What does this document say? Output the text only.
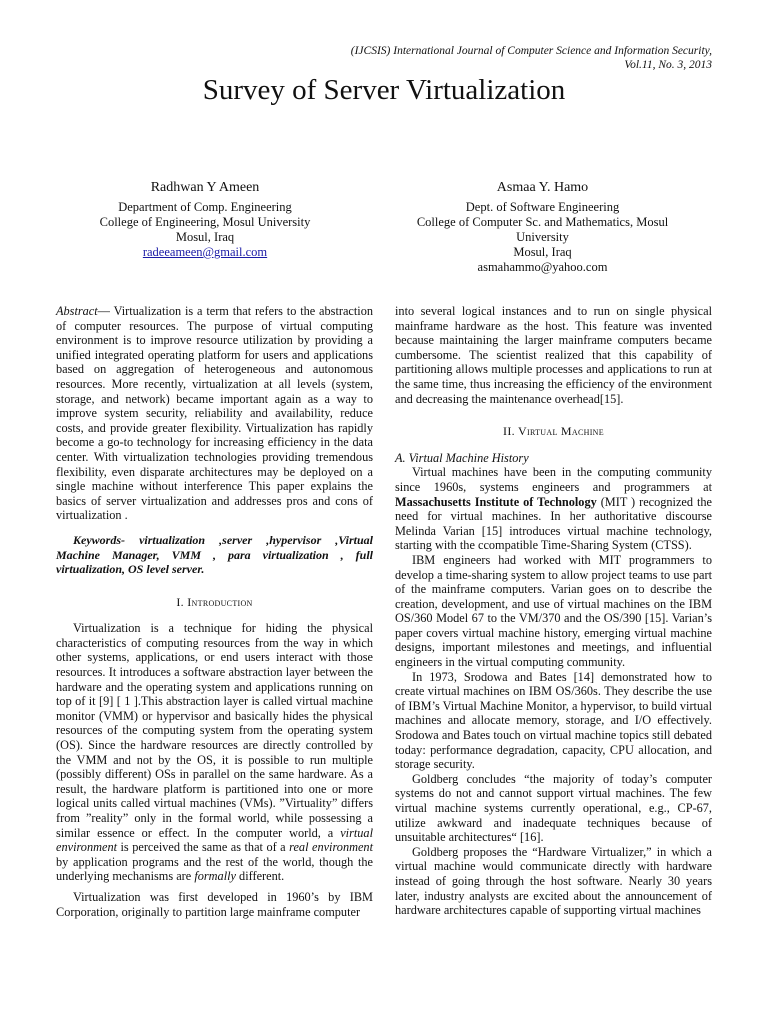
(IJCSIS) International Journal of Computer Science and Information Security,
Vol.11, No. 3, 2013
Survey of Server Virtualization
Radhwan Y Ameen
Department of Comp. Engineering
College of Engineering, Mosul University
Mosul, Iraq
radeeameen@gmail.com
Asmaa Y. Hamo
Dept. of Software Engineering
College of Computer Sc. and Mathematics, Mosul University
Mosul, Iraq
asmahammo@yahoo.com

Abstract— Virtualization is a term that refers to the abstraction of computer resources. The purpose of virtual computing environment is to improve resource utilization by providing a unified integrated operating platform for users and applications based on aggregation of heterogeneous and autonomous resources. More recently, virtualization at all levels (system, storage, and network) became important again as a way to improve system security, reliability and availability, reduce costs, and provide greater flexibility. Virtualization has rapidly become a go-to technology for increasing efficiency in the data center. With virtualization technologies providing tremendous flexibility, even disparate architectures may be deployed on a single machine without interference This paper explains the basics of server virtualization and addresses pros and cons of virtualization .

Keywords- virtualization ,server ,hypervisor ,Virtual Machine Manager, VMM , para virtualization , full virtualization, OS level server.

I. Introduction

Virtualization is a technique for hiding the physical characteristics of computing resources from the way in which other systems, applications, or end users interact with those resources. It introduces a software abstraction layer between the hardware and the operating system and applications running on top of it [9] [ 1 ].This abstraction layer is called virtual machine monitor (VMM) or hypervisor and basically hides the physical resources of the computing system from the operating system (OS). Since the hardware resources are directly controlled by the VMM and not by the OS, it is possible to run multiple (possibly different) OSs in parallel on the same hardware. As a result, the hardware platform is partitioned into one or more logical units called virtual machines (VMs). ”Virtuality” differs from ”reality” only in the formal world, while possessing a similar essence or effect. In the computer world, a virtual environment is perceived the same as that of a real environment by application programs and the rest of the world, though the underlying mechanisms are formally different.

Virtualization was first developed in 1960’s by IBM Corporation, originally to partition large mainframe computer

into several logical instances and to run on single physical mainframe hardware as the host. This feature was invented because maintaining the larger mainframe computers became cumbersome. The scientist realized that this capability of partitioning allows multiple processes and applications to run at the same time, thus increasing the efficiency of the environment and decreasing the maintenance overhead[15].

II. Virtual Machine

A. Virtual Machine History

Virtual machines have been in the computing community since 1960s, systems engineers and programmers at Massachusetts Institute of Technology (MIT ) recognized the need for virtual machines. In her authoritative discourse Melinda Varian [15] introduces virtual machine technology, starting with the ccompatible Time-Sharing System (CTSS).

IBM engineers had worked with MIT programmers to develop a time-sharing system to allow project teams to use part of the mainframe computers. Varian goes on to describe the creation, development, and use of virtual machines on the IBM OS/360 Model 67 to the VM/370 and the OS/390 [15]. Varian’s paper covers virtual machine history, emerging virtual machine designs, important milestones and meetings, and influential engineers in the virtual computing community.

In 1973, Srodowa and Bates [14] demonstrated how to create virtual machines on IBM OS/360s. They describe the use of IBM’s Virtual Machine Monitor, a hypervisor, to build virtual machines and allocate memory, storage, and I/O effectively. Srodowa and Bates touch on virtual machine topics still debated today: performance degradation, capacity, CPU allocation, and storage security.

Goldberg concludes “the majority of today’s computer systems do not and cannot support virtual machines. The few virtual machine systems currently operational, e.g., CP-67, utilize awkward and inadequate techniques because of unsuitable architectures“ [16].

Goldberg proposes the “Hardware Virtualizer,” in which a virtual machine would communicate directly with hardware instead of going through the host software. Nearly 30 years later, industry analysts are excited about the announcement of hardware architectures capable of supporting virtual machines
